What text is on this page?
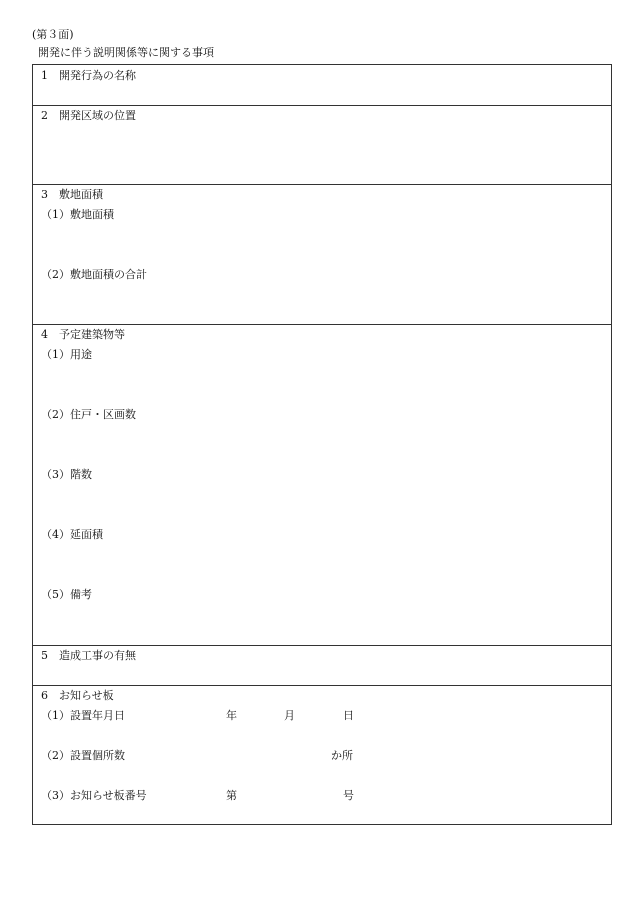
(第３面)
開発に伴う説明関係等に関する事項
1　開発行為の名称
2　開発区域の位置
3　敷地面積
（1）敷地面積
（2）敷地面積の合計
4　予定建築物等
（1）用途
（2）住戸・区画数
（3）階数
（4）延面積
（5）備考
5　造成工事の有無
6　お知らせ板
（1）設置年月日	年	月	日
（2）設置個所数	か所
（3）お知らせ板番号	第	号
